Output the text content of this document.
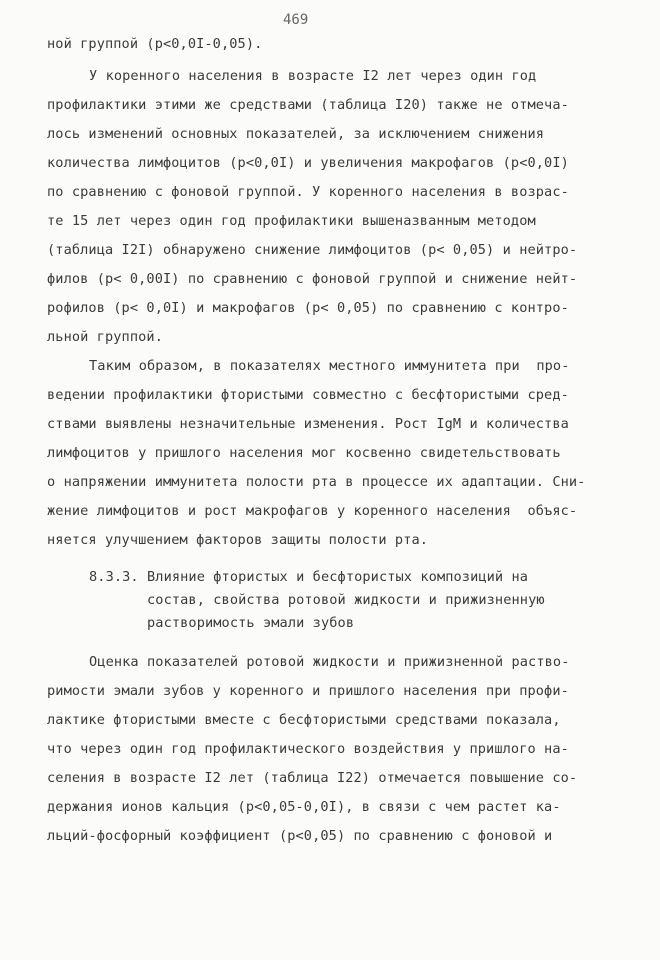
469
ной группой (р<0,0I-0,05).
У коренного населения в возрасте I2 лет через один год
профилактики этими же средствами (таблица I20) также не отмеча-
лось изменений основных показателей, за исключением снижения
количества лимфоцитов (р<0,0I) и увеличения макрофагов (р<0,0I)
по сравнению с фоновой группой. У коренного населения в возрас-
те 15 лет через один год профилактики вышеназванным методом
(таблица I2I) обнаружено снижение лимфоцитов (р< 0,05) и нейтро-
филов (р< 0,00I) по сравнению с фоновой группой и снижение нейт-
рофилов (р< 0,0I) и макрофагов (р< 0,05) по сравнению с контро-
льной группой.
Таким образом, в показателях местного иммунитета при  про-
ведении профилактики фтористыми совместно с бесфтористыми сред-
ствами выявлены незначительные изменения. Рост IgM и количества
лимфоцитов у пришлого населения мог косвенно свидетельствовать
о напряжении иммунитета полости рта в процессе их адаптации. Сни-
жение лимфоцитов и рост макрофагов у коренного населения  объяс-
няется улучшением факторов защиты полости рта.
8.3.3. Влияние фтористых и бесфтористых композиций на
состав, свойства ротовой жидкости и прижизненную
растворимость эмали зубов
Оценка показателей ротовой жидкости и прижизненной раство-
римости эмали зубов у коренного и пришлого населения при профи-
лактике фтористыми вместе с бесфтористыми средствами показала,
что через один год профилактического воздействия у пришлого на-
селения в возрасте I2 лет (таблица I22) отмечается повышение со-
держания ионов кальция (р<0,05-0,0I), в связи с чем растет ка-
льций-фосфорный коэффициент (р<0,05) по сравнению с фоновой и
